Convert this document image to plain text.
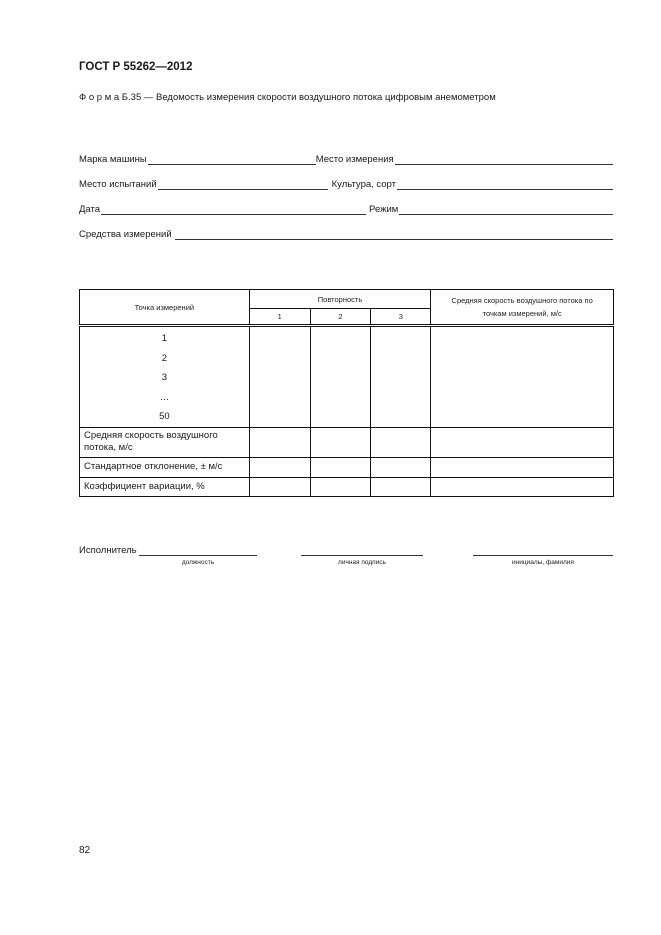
ГОСТ Р 55262—2012
Ф о р м а Б.35 — Ведомость измерения скорости воздушного потока цифровым анемометром
Марка машины	Место измерения
Место испытаний	Культура, сорт
Дата	Режим
Средства измерений
Точка измерений	Повторность			Средняя скорость воздушного потока по точкам измерений, м/с
	1	2	3	

1
2
3
…
50				

Средняя скорость воздушного потока, м/с				
Стандартное отклонение, ± м/с				
Коэффициент вариации, %				
Исполнитель
должность	личная подпись	инициалы, фамилия
82
